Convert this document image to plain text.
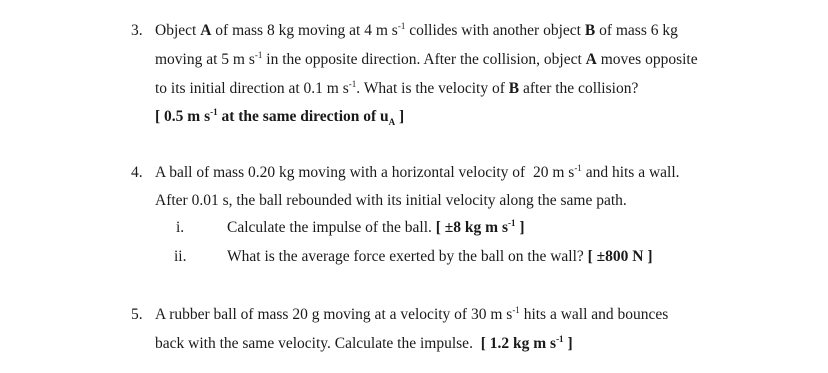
3. Object A of mass 8 kg moving at 4 m $s^{-1}$ collides with another object B of mass 6 kg
moving at 5 m $s^{-1}$ in the opposite direction. After the collision, object A moves opposite
to its initial direction at 0.1 m $s^{-1}$. What is the velocity of B after the collision?
[ 0.5 m $s^{-1}$ at the same direction of $u_A$ ]
4. A ball of mass 0.20 kg moving with a horizontal velocity of  20 m $s^{-1}$ and hits a wall.
After 0.01 s, the ball rebounded with its initial velocity along the same path.
i.	Calculate the impulse of the ball. [ ±8 kg m $s^{-1}$ ]
ii.	What is the average force exerted by the ball on the wall? [ ±800 N ]
5. A rubber ball of mass 20 g moving at a velocity of 30 m $s^{-1}$ hits a wall and bounces
back with the same velocity. Calculate the impulse. [ 1.2 kg m $s^{-1}$ ]
